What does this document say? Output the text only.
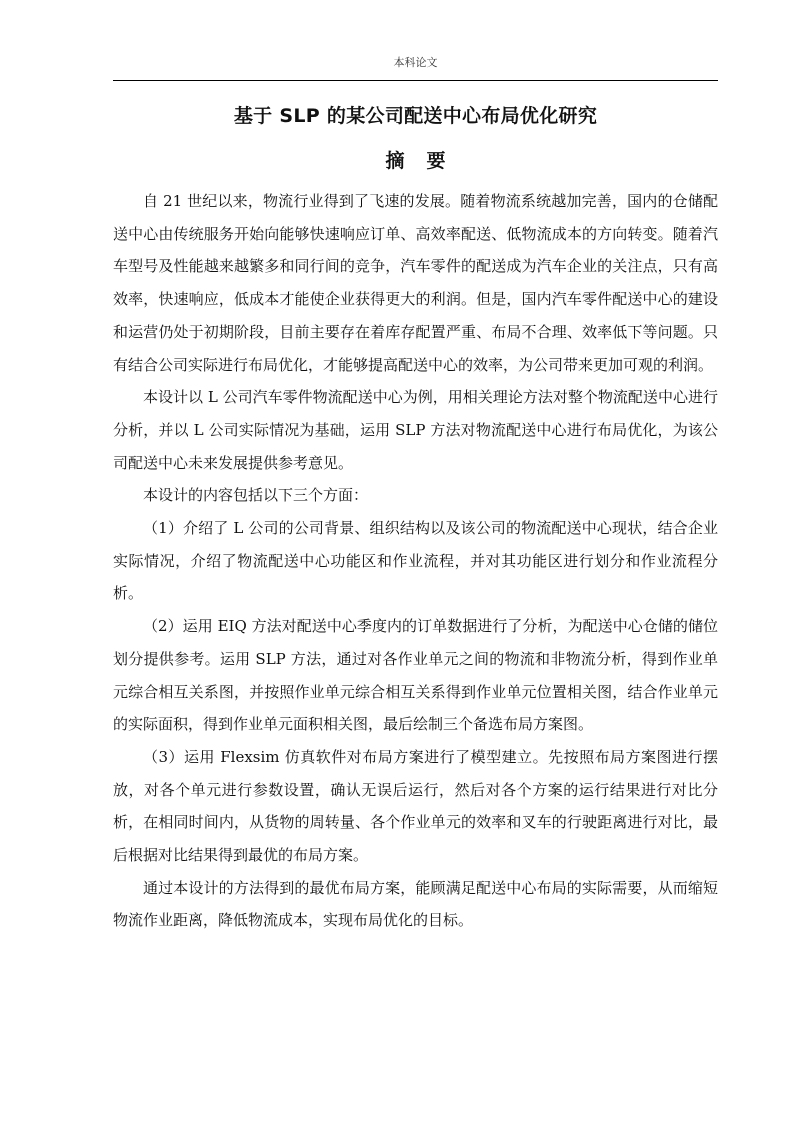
本科论文
基于 SLP 的某公司配送中心布局优化研究
摘 要

自 21 世纪以来，物流行业得到了飞速的发展。随着物流系统越加完善，国内的仓储配送中心由传统服务开始向能够快速响应订单、高效率配送、低物流成本的方向转变。随着汽车型号及性能越来越繁多和同行间的竞争，汽车零件的配送成为汽车企业的关注点，只有高效率，快速响应，低成本才能使企业获得更大的利润。但是，国内汽车零件配送中心的建设和运营仍处于初期阶段，目前主要存在着库存配置严重、布局不合理、效率低下等问题。只有结合公司实际进行布局优化，才能够提高配送中心的效率，为公司带来更加可观的利润。

本设计以 L 公司汽车零件物流配送中心为例，用相关理论方法对整个物流配送中心进行分析，并以 L 公司实际情况为基础，运用 SLP 方法对物流配送中心进行布局优化，为该公司配送中心未来发展提供参考意见。

本设计的内容包括以下三个方面：

（1）介绍了 L 公司的公司背景、组织结构以及该公司的物流配送中心现状，结合企业实际情况，介绍了物流配送中心功能区和作业流程，并对其功能区进行划分和作业流程分析。

（2）运用 EIQ 方法对配送中心季度内的订单数据进行了分析，为配送中心仓储的储位划分提供参考。运用 SLP 方法，通过对各作业单元之间的物流和非物流分析，得到作业单元综合相互关系图，并按照作业单元综合相互关系得到作业单元位置相关图，结合作业单元的实际面积，得到作业单元面积相关图，最后绘制三个备选布局方案图。

（3）运用 Flexsim 仿真软件对布局方案进行了模型建立。先按照布局方案图进行摆放，对各个单元进行参数设置，确认无误后运行，然后对各个方案的运行结果进行对比分析，在相同时间内，从货物的周转量、各个作业单元的效率和叉车的行驶距离进行对比，最后根据对比结果得到最优的布局方案。

通过本设计的方法得到的最优布局方案，能顾满足配送中心布局的实际需要，从而缩短物流作业距离，降低物流成本，实现布局优化的目标。
